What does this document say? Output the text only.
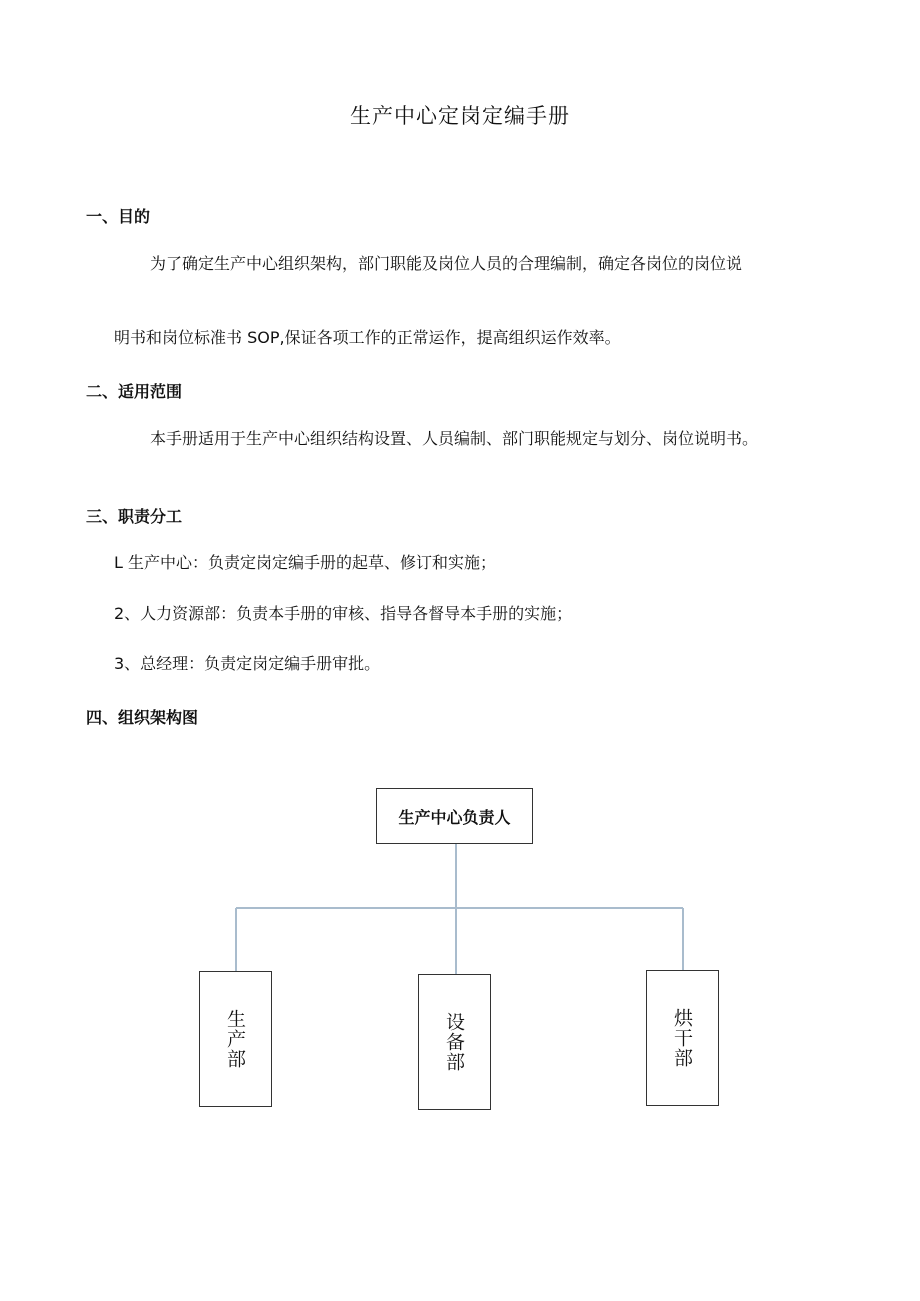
生产中心定岗定编手册
一、目的
为了确定生产中心组织架构，部门职能及岗位人员的合理编制，确定各岗位的岗位说
明书和岗位标准书 SOP,保证各项工作的正常运作，提高组织运作效率。
二、适用范围
本手册适用于生产中心组织结构设置、人员编制、部门职能规定与划分、岗位说明书。
三、职责分工
L 生产中心：负责定岗定编手册的起草、修订和实施；
2、人力资源部：负责本手册的审核、指导各督导本手册的实施；
3、总经理：负责定岗定编手册审批。
四、组织架构图
生产中心负责人
生产部	设备部	烘干部
